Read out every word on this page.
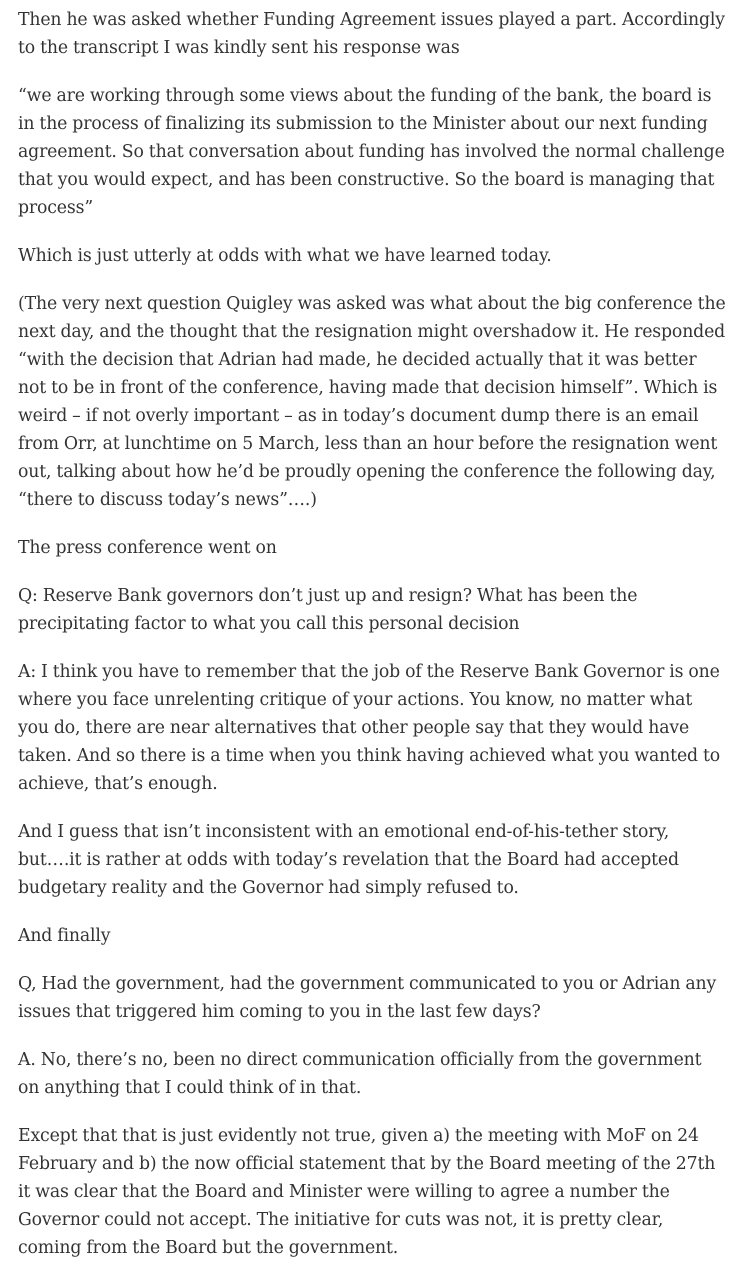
Then he was asked whether Funding Agreement issues played a part. Accordingly to the transcript I was kindly sent his response was

“we are working through some views about the funding of the bank, the board is in the process of finalizing its submission to the Minister about our next funding agreement. So that conversation about funding has involved the normal challenge that you would expect, and has been constructive. So the board is managing that process”

Which is just utterly at odds with what we have learned today.

(The very next question Quigley was asked was what about the big conference the next day, and the thought that the resignation might overshadow it. He responded “with the decision that Adrian had made, he decided actually that it was better not to be in front of the conference, having made that decision himself”. Which is weird – if not overly important – as in today’s document dump there is an email from Orr, at lunchtime on 5 March, less than an hour before the resignation went out, talking about how he’d be proudly opening the conference the following day, “there to discuss today’s news”….)

The press conference went on

Q: Reserve Bank governors don’t just up and resign? What has been the precipitating factor to what you call this personal decision

A: I think you have to remember that the job of the Reserve Bank Governor is one where you face unrelenting critique of your actions. You know, no matter what you do, there are near alternatives that other people say that they would have taken. And so there is a time when you think having achieved what you wanted to achieve, that’s enough.

And I guess that isn’t inconsistent with an emotional end-of-his-tether story, but….it is rather at odds with today’s revelation that the Board had accepted budgetary reality and the Governor had simply refused to.

And finally

Q, Had the government, had the government communicated to you or Adrian any issues that triggered him coming to you in the last few days?

A. No, there’s no, been no direct communication officially from the government on anything that I could think of in that.

Except that that is just evidently not true, given a) the meeting with MoF on 24 February and b) the now official statement that by the Board meeting of the 27th it was clear that the Board and Minister were willing to agree a number the Governor could not accept. The initiative for cuts was not, it is pretty clear, coming from the Board but the government.
